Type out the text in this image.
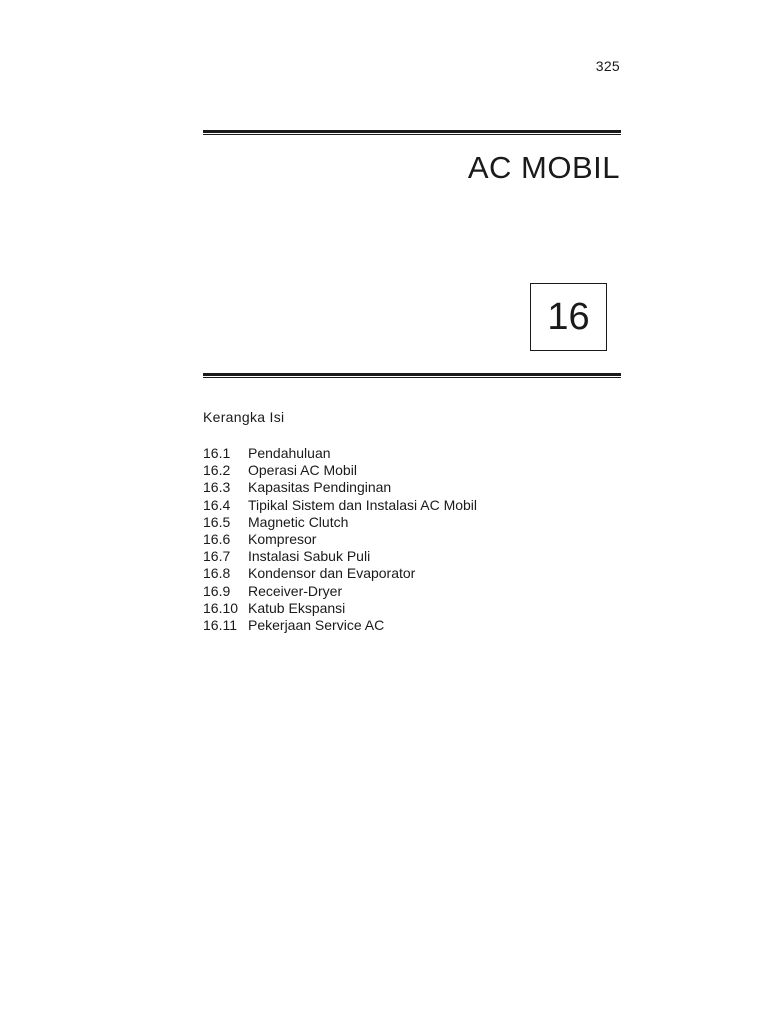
325
AC MOBIL
16
Kerangka Isi
16.1	Pendahuluan
16.2	Operasi AC Mobil
16.3	Kapasitas Pendinginan
16.4	Tipikal Sistem dan Instalasi AC Mobil
16.5	Magnetic Clutch
16.6	Kompresor
16.7	Instalasi Sabuk Puli
16.8	Kondensor dan Evaporator
16.9	Receiver-Dryer
16.10 Katub Ekspansi
16.11 Pekerjaan Service AC
